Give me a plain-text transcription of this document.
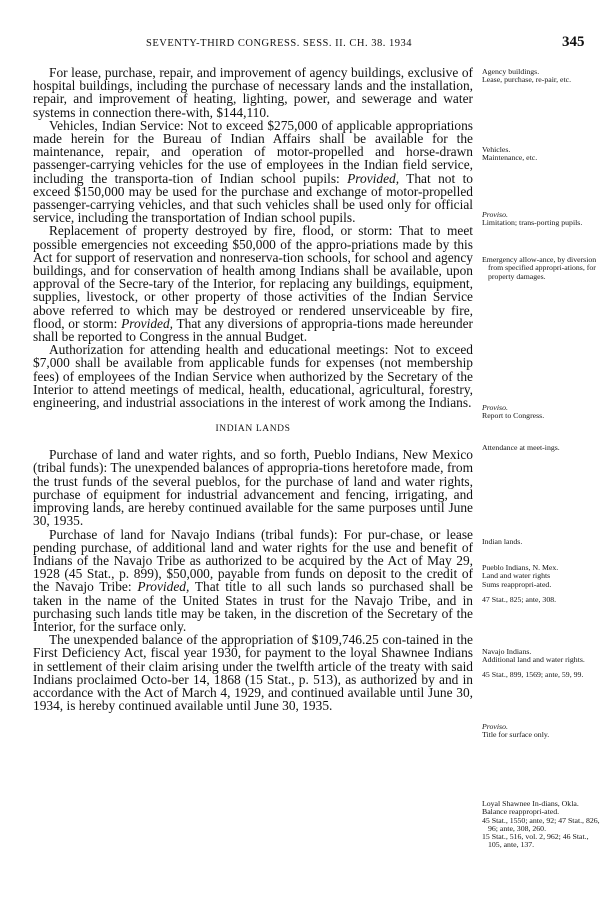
SEVENTY-THIRD CONGRESS. SESS. II. CH. 38. 1934	345

For lease, purchase, repair, and improvement of agency buildings, exclusive of hospital buildings, including the purchase of necessary lands and the installation, repair, and improvement of heating, lighting, power, and sewerage and water systems in connection there-with, $144,110.

Vehicles, Indian Service: Not to exceed $275,000 of applicable appropriations made herein for the Bureau of Indian Affairs shall be available for the maintenance, repair, and operation of motor-propelled and horse-drawn passenger-carrying vehicles for the use of employees in the Indian field service, including the transporta-tion of Indian school pupils: Provided, That not to exceed $150,000 may be used for the purchase and exchange of motor-propelled passenger-carrying vehicles, and that such vehicles shall be used only for official service, including the transportation of Indian school pupils.

Replacement of property destroyed by fire, flood, or storm: That to meet possible emergencies not exceeding $50,000 of the appro-priations made by this Act for support of reservation and nonreserva-tion schools, for school and agency buildings, and for conservation of health among Indians shall be available, upon approval of the Secre-tary of the Interior, for replacing any buildings, equipment, supplies, livestock, or other property of those activities of the Indian Service above referred to which may be destroyed or rendered unserviceable by fire, flood, or storm: Provided, That any diversions of appropria-tions made hereunder shall be reported to Congress in the annual Budget.

Authorization for attending health and educational meetings: Not to exceed $7,000 shall be available from applicable funds for expenses (not membership fees) of employees of the Indian Service when authorized by the Secretary of the Interior to attend meetings of medical, health, educational, agricultural, forestry, engineering, and industrial associations in the interest of work among the Indians.

INDIAN LANDS

Purchase of land and water rights, and so forth, Pueblo Indians, New Mexico (tribal funds): The unexpended balances of appropria-tions heretofore made, from the trust funds of the several pueblos, for the purchase of land and water rights, purchase of equipment for industrial advancement and fencing, irrigating, and improving lands, are hereby continued available for the same purposes until June 30, 1935.

Purchase of land for Navajo Indians (tribal funds): For pur-chase, or lease pending purchase, of additional land and water rights for the use and benefit of Indians of the Navajo Tribe as authorized to be acquired by the Act of May 29, 1928 (45 Stat., p. 899), $50,000, payable from funds on deposit to the credit of the Navajo Tribe: Provided, That title to all such lands so purchased shall be taken in the name of the United States in trust for the Navajo Tribe, and in purchasing such lands title may be taken, in the discretion of the Secretary of the Interior, for the surface only.

The unexpended balance of the appropriation of $109,746.25 con-tained in the First Deficiency Act, fiscal year 1930, for payment to the loyal Shawnee Indians in settlement of their claim arising under the twelfth article of the treaty with said Indians proclaimed Octo-ber 14, 1868 (15 Stat., p. 513), as authorized by and in accordance with the Act of March 4, 1929, and continued available until June 30, 1934, is hereby continued available until June 30, 1935.

Agency buildings.
Lease, purchase, re-pair, etc.
Vehicles.
Maintenance, etc.
Proviso.
Limitation; trans-porting pupils.
Emergency allow-ance, by diversion from specified appropri-ations, for property damages.
Proviso.
Report to Congress.
Attendance at meet-ings.
Indian lands.
Pueblo Indians, N. Mex.
Land and water rights
Sums reappropri-ated.
47 Stat., 825; ante, 308.
Navajo Indians.
Additional land and water rights.
45 Stat., 899, 1569; ante, 59, 99.
Proviso.
Title for surface only.
Loyal Shawnee In-dians, Okla.
Balance reappropri-ated.
45 Stat., 1550; ante, 92; 47 Stat., 826, 96; ante, 308, 260.
15 Stat., 516, vol. 2, 962; 46 Stat., 105, ante, 137.
